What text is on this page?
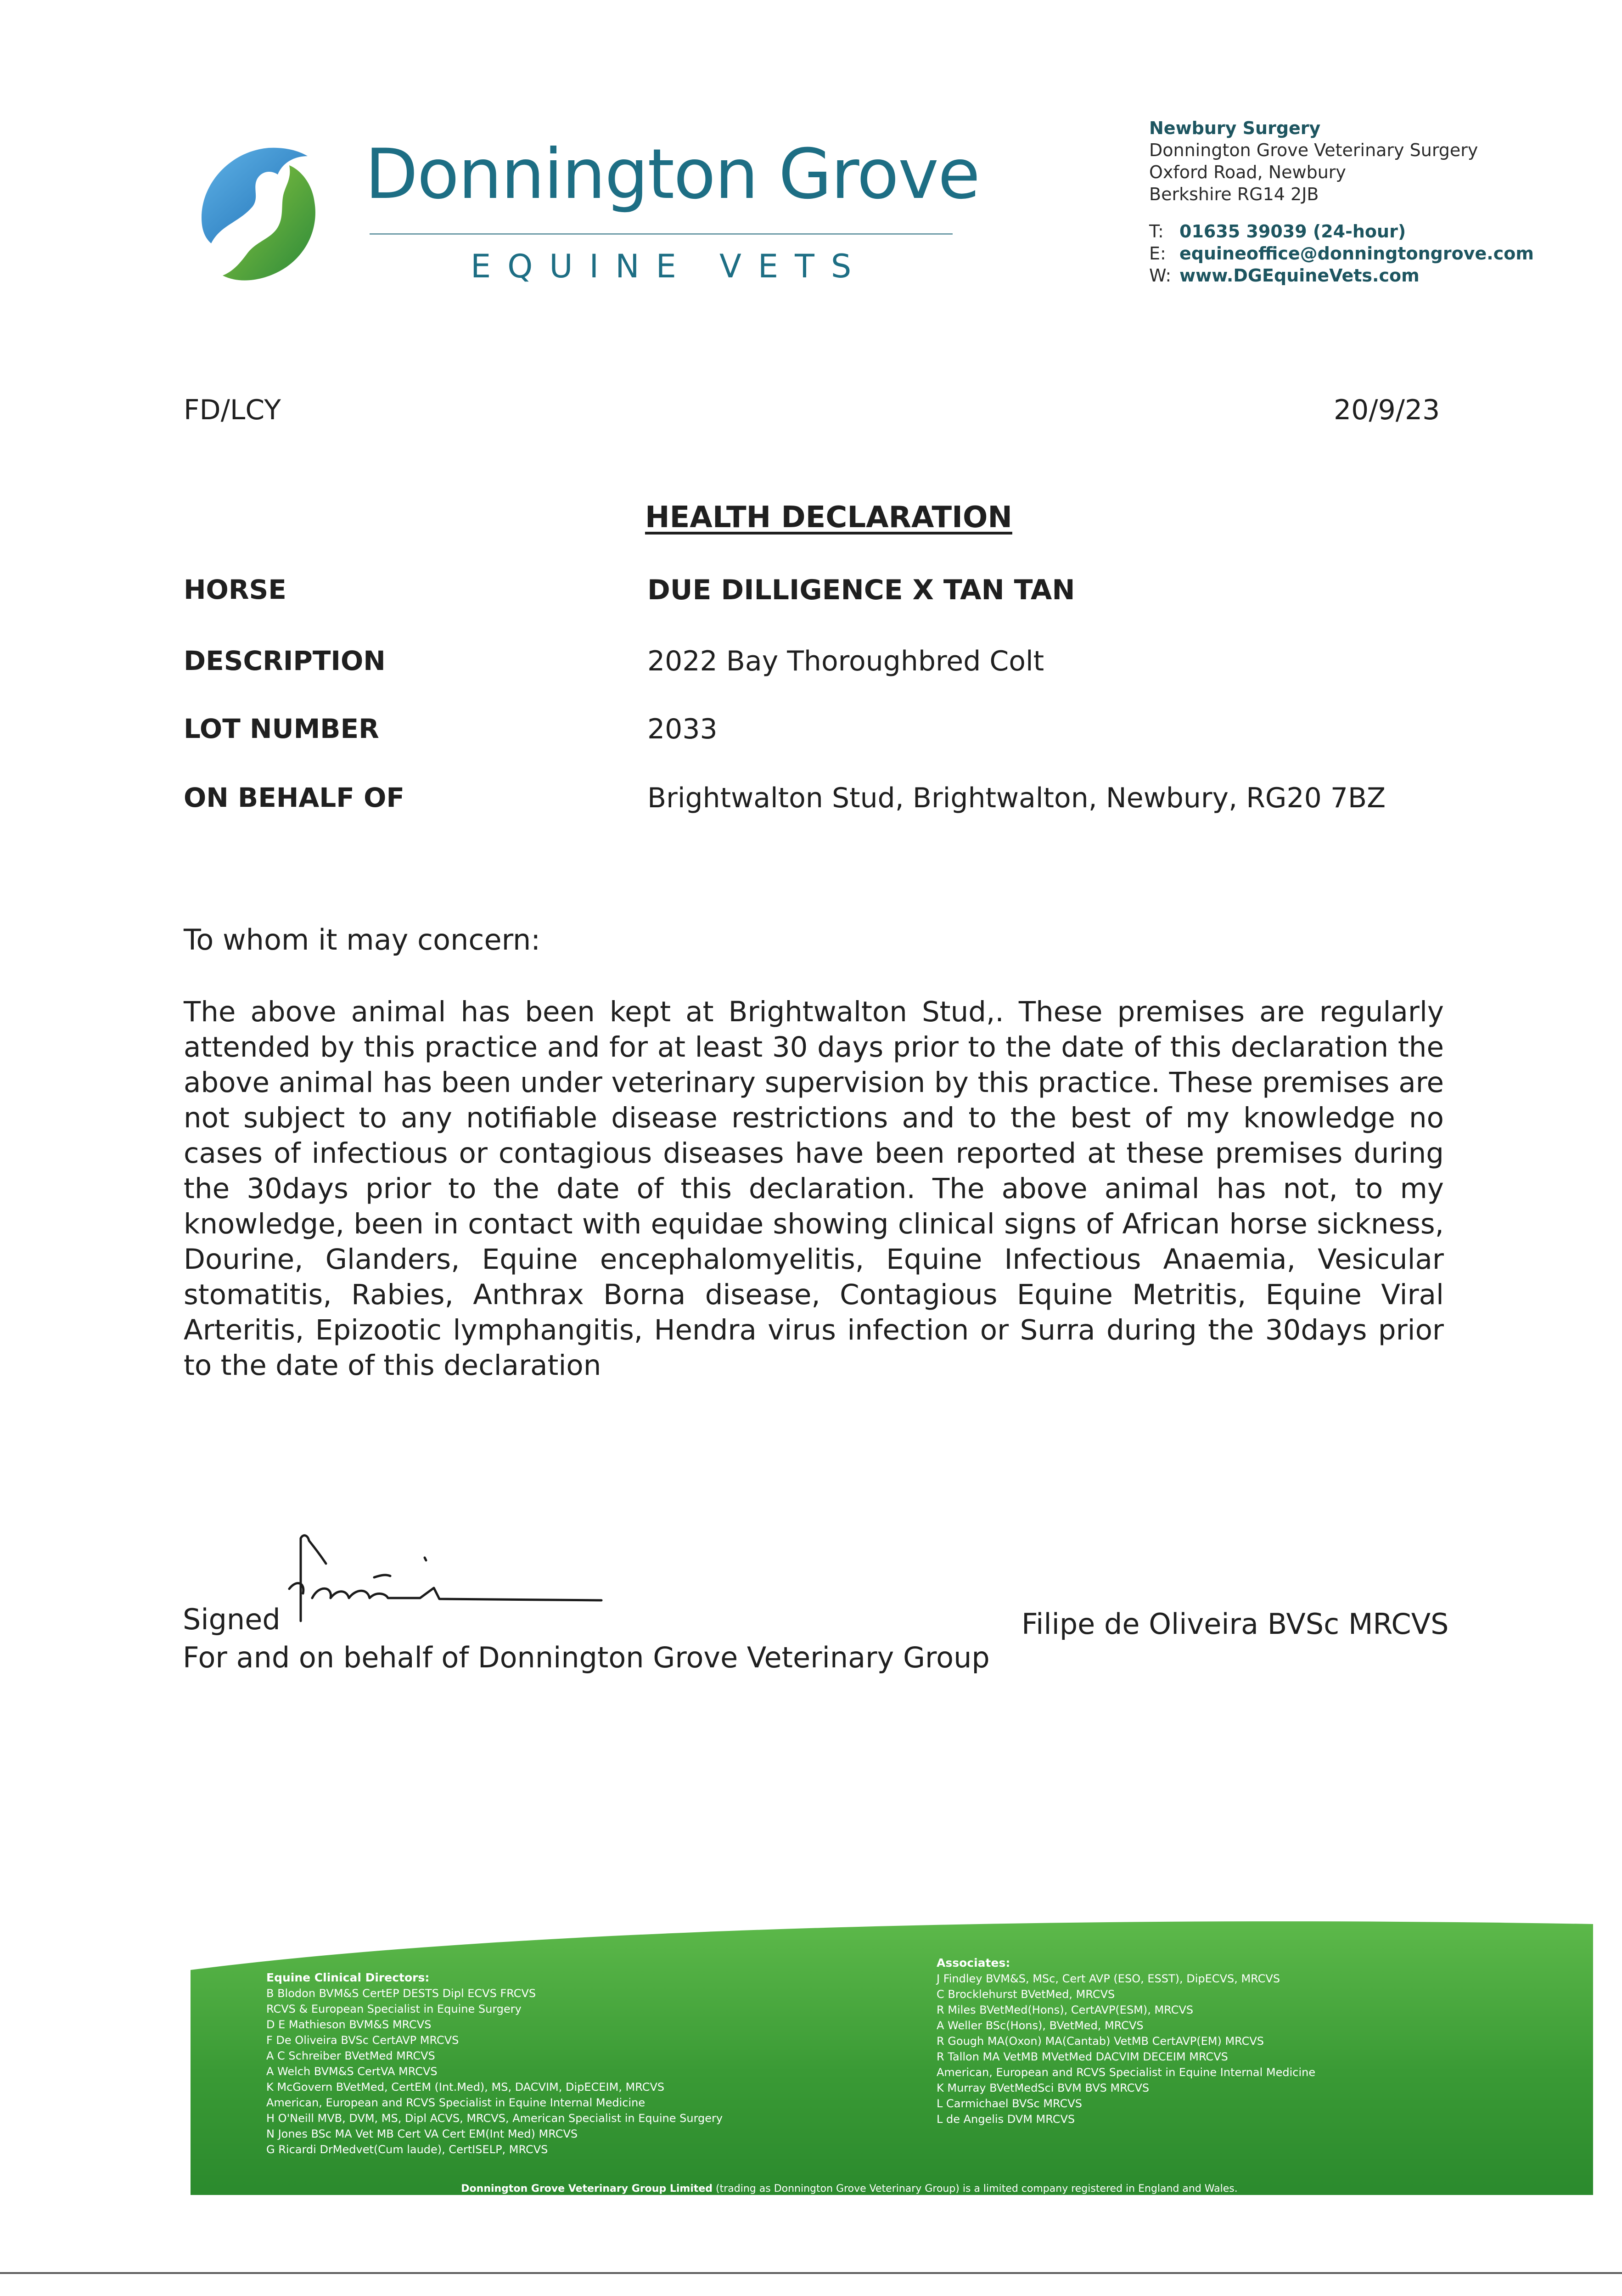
Donnington Grove
EQUINE VETS
Newbury Surgery
Donnington Grove Veterinary Surgery
Oxford Road, Newbury
Berkshire RG14 2JB
T: 01635 39039 (24-hour)
E: equineoffice@donningtongrove.com
W: www.DGEquineVets.com
FD/LCY	20/9/23
HEALTH DECLARATION
HORSE	DUE DILLIGENCE X TAN TAN
DESCRIPTION	2022 Bay Thoroughbred Colt
LOT NUMBER	2033
ON BEHALF OF	Brightwalton Stud, Brightwalton, Newbury, RG20 7BZ
To whom it may concern:
The above animal has been kept at Brightwalton Stud,. These premises are regularly attended by this practice and for at least 30 days prior to the date of this declaration the above animal has been under veterinary supervision by this practice. These premises are not subject to any notifiable disease restrictions and to the best of my knowledge no cases of infectious or contagious diseases have been reported at these premises during the 30days prior to the date of this declaration. The above animal has not, to my knowledge, been in contact with equidae showing clinical signs of African horse sickness, Dourine, Glanders, Equine encephalomyelitis, Equine Infectious Anaemia, Vesicular stomatitis, Rabies, Anthrax Borna disease, Contagious Equine Metritis, Equine Viral Arteritis, Epizootic lymphangitis, Hendra virus infection or Surra during the 30days prior to the date of this declaration
Signed	Filipe de Oliveira BVSc MRCVS
For and on behalf of Donnington Grove Veterinary Group
Equine Clinical Directors:
B Blodon BVM&S CertEP DESTS Dipl ECVS FRCVS
RCVS & European Specialist in Equine Surgery
D E Mathieson BVM&S MRCVS
F De Oliveira BVSc CertAVP MRCVS
A C Schreiber BVetMed MRCVS
A Welch BVM&S CertVA MRCVS
K McGovern BVetMed, CertEM (Int.Med), MS, DACVIM, DipECEIM, MRCVS
American, European and RCVS Specialist in Equine Internal Medicine
H O'Neill MVB, DVM, MS, Dipl ACVS, MRCVS, American Specialist in Equine Surgery
N Jones BSc MA Vet MB Cert VA Cert EM(Int Med) MRCVS
G Ricardi DrMedvet(Cum laude), CertISELP, MRCVS
Associates:
J Findley BVM&S, MSc, Cert AVP (ESO, ESST), DipECVS, MRCVS
C Brocklehurst BVetMed, MRCVS
R Miles BVetMed(Hons), CertAVP(ESM), MRCVS
A Weller BSc(Hons), BVetMed, MRCVS
R Gough MA(Oxon) MA(Cantab) VetMB CertAVP(EM) MRCVS
R Tallon MA VetMB MVetMed DACVIM DECEIM MRCVS
American, European and RCVS Specialist in Equine Internal Medicine
K Murray BVetMedSci BVM BVS MRCVS
L Carmichael BVSc MRCVS
L de Angelis DVM MRCVS
Donnington Grove Veterinary Group Limited (trading as Donnington Grove Veterinary Group) is a limited company registered in England and Wales.
Registration Number: 08545050 Registered Office: The Chocolate Factory, Keynsham, Bristol, BS31 2AU. Tel: 01225 481520. VAT Number: 115 1416 58
